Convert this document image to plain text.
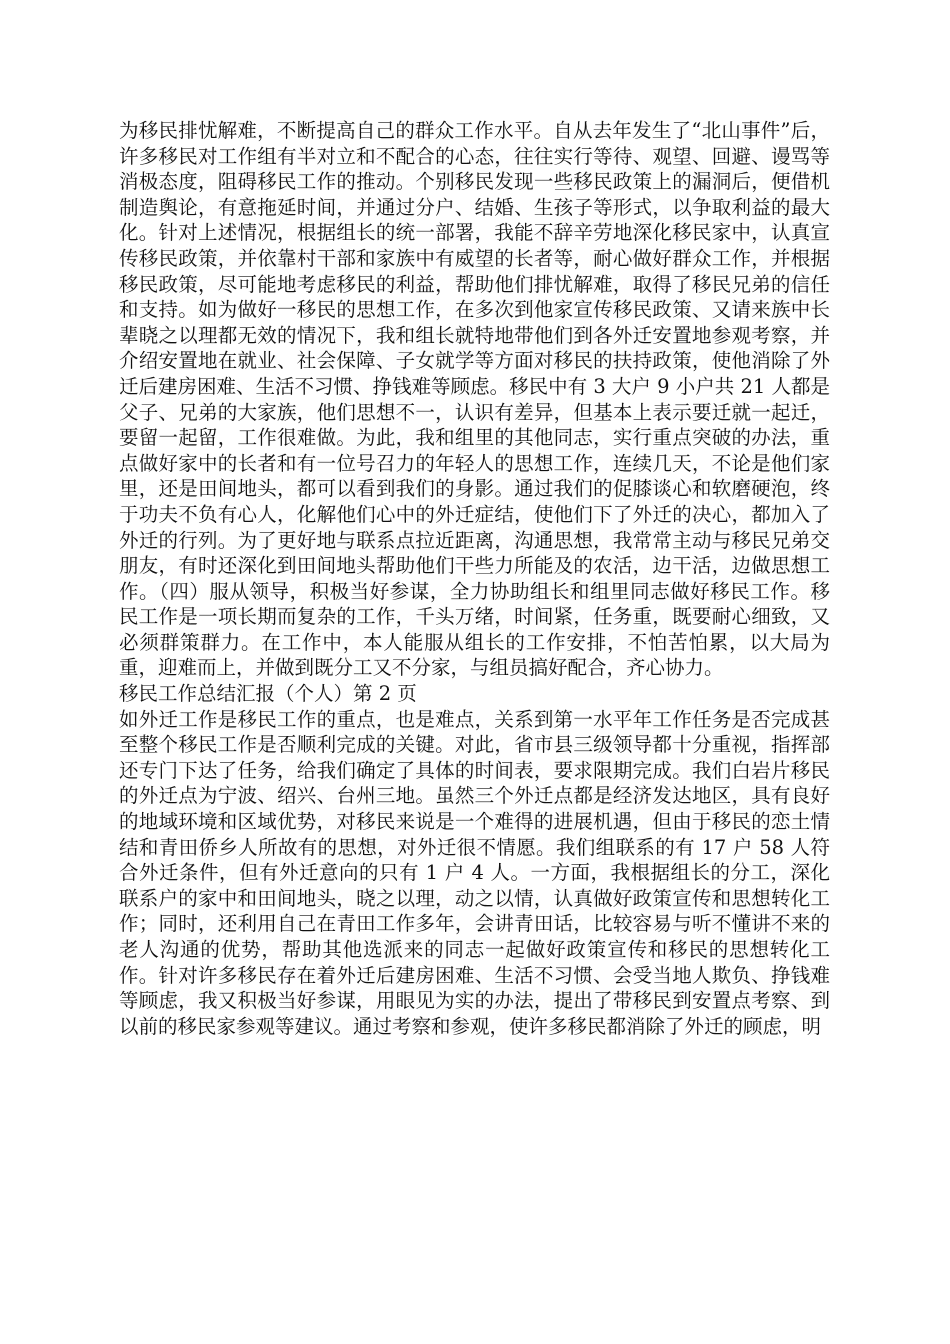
为移民排忧解难，不断提高自己的群众工作水平。自从去年发生了“北山事件”后，许多移民对工作组有半对立和不配合的心态，往往实行等待、观望、回避、谩骂等消极态度，阻碍移民工作的推动。个别移民发现一些移民政策上的漏洞后，便借机制造舆论，有意拖延时间，并通过分户、结婚、生孩子等形式，以争取利益的最大化。针对上述情况，根据组长的统一部署，我能不辞辛劳地深化移民家中，认真宣传移民政策，并依靠村干部和家族中有威望的长者等，耐心做好群众工作，并根据移民政策，尽可能地考虑移民的利益，帮助他们排忧解难，取得了移民兄弟的信任和支持。如为做好一移民的思想工作，在多次到他家宣传移民政策、又请来族中长辈晓之以理都无效的情况下，我和组长就特地带他们到各外迁安置地参观考察，并介绍安置地在就业、社会保障、子女就学等方面对移民的扶持政策，使他消除了外迁后建房困难、生活不习惯、挣钱难等顾虑。移民中有 3 大户 9 小户共 21 人都是父子、兄弟的大家族，他们思想不一，认识有差异，但基本上表示要迁就一起迁，要留一起留，工作很难做。为此，我和组里的其他同志，实行重点突破的办法，重点做好家中的长者和有一位号召力的年轻人的思想工作，连续几天，不论是他们家里，还是田间地头，都可以看到我们的身影。通过我们的促膝谈心和软磨硬泡，终于功夫不负有心人，化解他们心中的外迁症结，使他们下了外迁的决心，都加入了外迁的行列。为了更好地与联系点拉近距离，沟通思想，我常常主动与移民兄弟交朋友，有时还深化到田间地头帮助他们干些力所能及的农活，边干活，边做思想工作。（四）服从领导，积极当好参谋，全力协助组长和组里同志做好移民工作。移民工作是一项长期而复杂的工作，千头万绪，时间紧，任务重，既要耐心细致，又必须群策群力。在工作中，本人能服从组长的工作安排，不怕苦怕累，以大局为重，迎难而上，并做到既分工又不分家，与组员搞好配合，齐心协力。

移民工作总结汇报（个人）第 2 页

如外迁工作是移民工作的重点，也是难点，关系到第一水平年工作任务是否完成甚至整个移民工作是否顺利完成的关键。对此，省市县三级领导都十分重视，指挥部还专门下达了任务，给我们确定了具体的时间表，要求限期完成。我们白岩片移民的外迁点为宁波、绍兴、台州三地。虽然三个外迁点都是经济发达地区，具有良好的地域环境和区域优势，对移民来说是一个难得的进展机遇，但由于移民的恋土情结和青田侨乡人所故有的思想，对外迁很不情愿。我们组联系的有 17 户 58 人符合外迁条件，但有外迁意向的只有 1 户 4 人。一方面，我根据组长的分工，深化联系户的家中和田间地头，晓之以理，动之以情，认真做好政策宣传和思想转化工作；同时，还利用自己在青田工作多年，会讲青田话，比较容易与听不懂讲不来的老人沟通的优势，帮助其他选派来的同志一起做好政策宣传和移民的思想转化工作。针对许多移民存在着外迁后建房困难、生活不习惯、会受当地人欺负、挣钱难等顾虑，我又积极当好参谋，用眼见为实的办法，提出了带移民到安置点考察、到以前的移民家参观等建议。通过考察和参观，使许多移民都消除了外迁的顾虑，明
